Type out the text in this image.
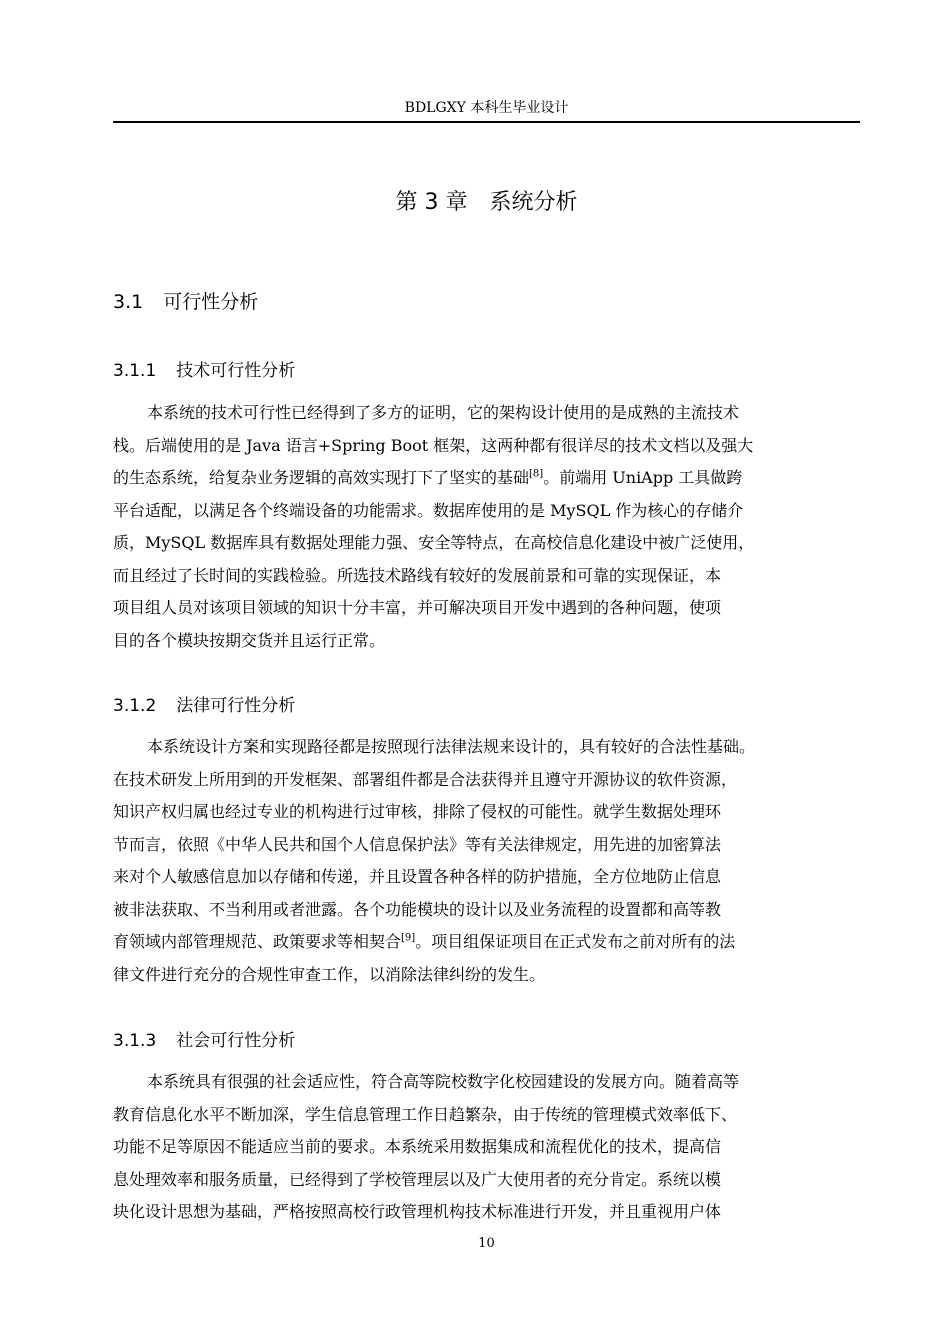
BDLGXY 本科生毕业设计
第 3 章 系统分析
3.1 可行性分析
3.1.1 技术可行性分析
本系统的技术可行性已经得到了多方的证明，它的架构设计使用的是成熟的主流技术
栈。后端使用的是 Java 语言+Spring Boot 框架，这两种都有很详尽的技术文档以及强大
的生态系统，给复杂业务逻辑的高效实现打下了坚实的基础[8]。前端用 UniApp 工具做跨
平台适配，以满足各个终端设备的功能需求。数据库使用的是 MySQL 作为核心的存储介
质，MySQL 数据库具有数据处理能力强、安全等特点，在高校信息化建设中被广泛使用，
而且经过了长时间的实践检验。所选技术路线有较好的发展前景和可靠的实现保证，本
项目组人员对该项目领域的知识十分丰富，并可解决项目开发中遇到的各种问题，使项
目的各个模块按期交货并且运行正常。
3.1.2 法律可行性分析
本系统设计方案和实现路径都是按照现行法律法规来设计的，具有较好的合法性基础。
在技术研发上所用到的开发框架、部署组件都是合法获得并且遵守开源协议的软件资源，
知识产权归属也经过专业的机构进行过审核，排除了侵权的可能性。就学生数据处理环
节而言，依照《中华人民共和国个人信息保护法》等有关法律规定，用先进的加密算法
来对个人敏感信息加以存储和传递，并且设置各种各样的防护措施，全方位地防止信息
被非法获取、不当利用或者泄露。各个功能模块的设计以及业务流程的设置都和高等教
育领域内部管理规范、政策要求等相契合[9]。项目组保证项目在正式发布之前对所有的法
律文件进行充分的合规性审查工作，以消除法律纠纷的发生。
3.1.3 社会可行性分析
本系统具有很强的社会适应性，符合高等院校数字化校园建设的发展方向。随着高等
教育信息化水平不断加深，学生信息管理工作日趋繁杂，由于传统的管理模式效率低下、
功能不足等原因不能适应当前的要求。本系统采用数据集成和流程优化的技术，提高信
息处理效率和服务质量，已经得到了学校管理层以及广大使用者的充分肯定。系统以模
块化设计思想为基础，严格按照高校行政管理机构技术标准进行开发，并且重视用户体
10
